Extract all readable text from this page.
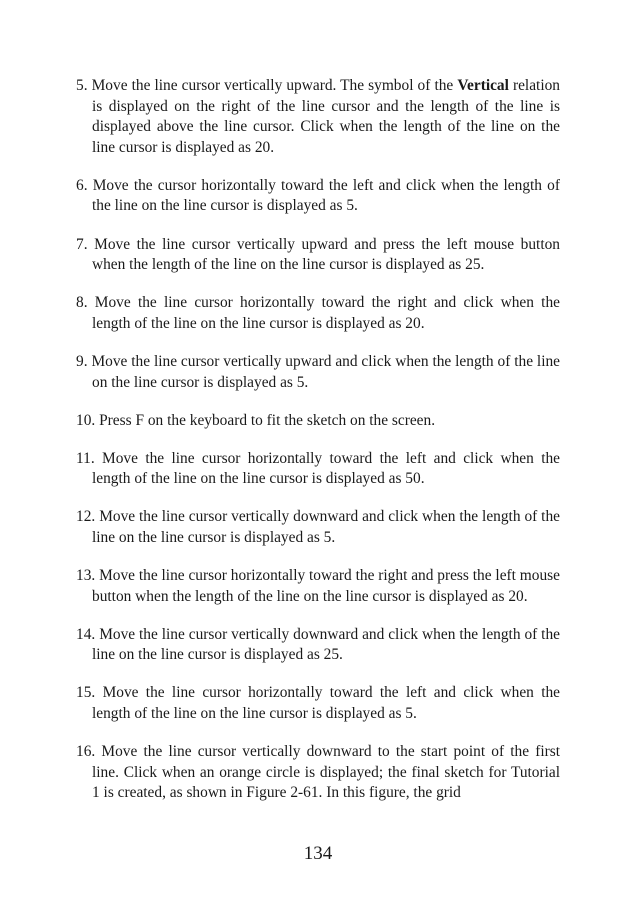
5. Move the line cursor vertically upward. The symbol of the Vertical relation is displayed on the right of the line cursor and the length of the line is displayed above the line cursor. Click when the length of the line on the line cursor is displayed as 20.

6. Move the cursor horizontally toward the left and click when the length of the line on the line cursor is displayed as 5.

7. Move the line cursor vertically upward and press the left mouse button when the length of the line on the line cursor is displayed as 25.

8. Move the line cursor horizontally toward the right and click when the length of the line on the line cursor is displayed as 20.

9. Move the line cursor vertically upward and click when the length of the line on the line cursor is displayed as 5.

10. Press F on the keyboard to fit the sketch on the screen.

11. Move the line cursor horizontally toward the left and click when the length of the line on the line cursor is displayed as 50.

12. Move the line cursor vertically downward and click when the length of the line on the line cursor is displayed as 5.

13. Move the line cursor horizontally toward the right and press the left mouse button when the length of the line on the line cursor is displayed as 20.

14. Move the line cursor vertically downward and click when the length of the line on the line cursor is displayed as 25.

15. Move the line cursor horizontally toward the left and click when the length of the line on the line cursor is displayed as 5.

16. Move the line cursor vertically downward to the start point of the first line. Click when an orange circle is displayed; the final sketch for Tutorial 1 is created, as shown in Figure 2-61. In this figure, the grid

134
